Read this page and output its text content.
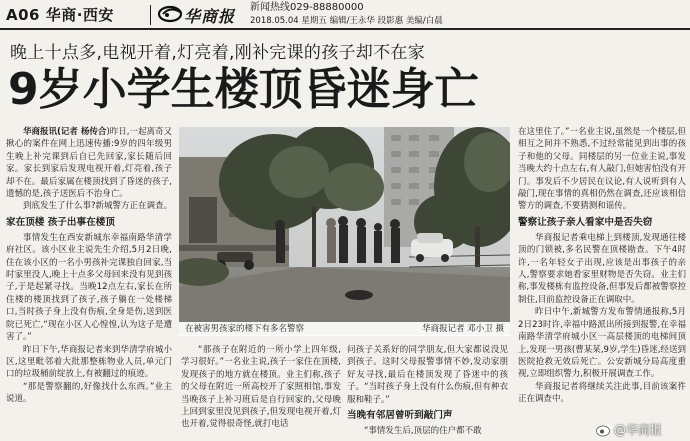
A06 华商·西安	华商报 新闻热线029-88880000
2018.05.04 星期五 编辑/王永华 段影惠 美编/白晨
晚上十点多,电视开着,灯亮着,刚补完课的孩子却不在家
9岁小学生楼顶昏迷身亡

华商报讯(记者 杨传合)昨日,一起离奇又揪心的案件在网上迅速传播:9岁的四年级男生晚上补完课到后自已先回家,家长随后回家。家长到家后发现电视开着,灯亮着,孩子却不在。最后家属在楼顶找到了昏迷的孩子,遗憾的是,孩子送医后不治身亡。

到底发生了什么事?新城警方正在调查。

家在顶楼 孩子出事在楼顶

事情发生在西安新城东幸福南路华清学府社区。该小区业主说先生介绍,5月2日晚,住在该小区的一名小男孩补完课独自回家,当时家里没人,晚上十点多父母回来没有见到孩子,于是起紧寻找。当晚12点左右,家长在所住楼的楼顶找到了孩子,孩子躺在一处楼梯口,当时孩子身上没有伤痕,全身是伤,送到医院已死亡,“现在小区人心惶惶,认为这子是遭害了。”

昨日下午,华商报记者来到华清学府城小区,这里毗邻着大批那整栋物业人员,单元门口的垃圾桶前绽放上,有被翻过的痕迹。

“那是警察翻的,好像找什么东西。”业主说道。

在被害男孩家的楼下有多名警察	华商报记者 邓小卫 摄

“那孩子在附近的一所小学上四年级,学习很好。”一名业主说,孩子一家住在顶楼,发现孩子的地方就在楼顶。业主们称,孩子的父母在附近一所高校开了家照相馆,事发当晚孩子上补习班后是自行回家的,父母晚上回到家里没见到孩子,但发现电视开着,灯也开着,觉得很奇怪,就打电话

问孩子关系好的同学朋友,但大家都说没见到孩子。这时父母报警事情不妙,发动家朋好友寻找,最后在楼顶发现了昏迷中的孩子。“当时孩子身上没有什么伤痕,但有种衣服和鞋子。”

当晚有邻居曾听到敲门声

“事情发生后,顶层的住户都不敢

在这里住了。”一名业主说,虽然是一个楼层,但相互之间并不熟悉,不过经常能见到出事的孩子和他的父母。同楼层的另一位业主说,事发当晚大约十点左右,有人敲门,但她害怕没有开门。事发后不少居民在议论,有人说听到有人敲门,现在事情的真相仍然在调查,还应该相信警方的调查,不要猜测和谣传。

警察让孩子亲人看家中是否失窃

华商报记者乘电梯上到楼顶,发现通往楼顶的门锁被,多名民警在顶楼勘查。下午4时许,一名年轻女子出现,应该是出事孩子的亲人,警察要求她看家里财物是否失窃。业主们称,事发楼栋有监控设备,但事发后都被警察控制住,目前监控设备正在调取中。

昨日中午,新城警方发布警情通报称,5月2日23时许,幸福中路派出所接到报警,在幸福南路华清学府城小区一高层楼顶的电梯间顶上,发现一男孩(曹某某,9岁,学生)昏迷,经送到医院抢救无效后死亡。公安新城分局高度重视,立即组织警力,积极开展调查工作。

华商报记者将继续关注此事,目前该案件正在调查中。

@华商报
